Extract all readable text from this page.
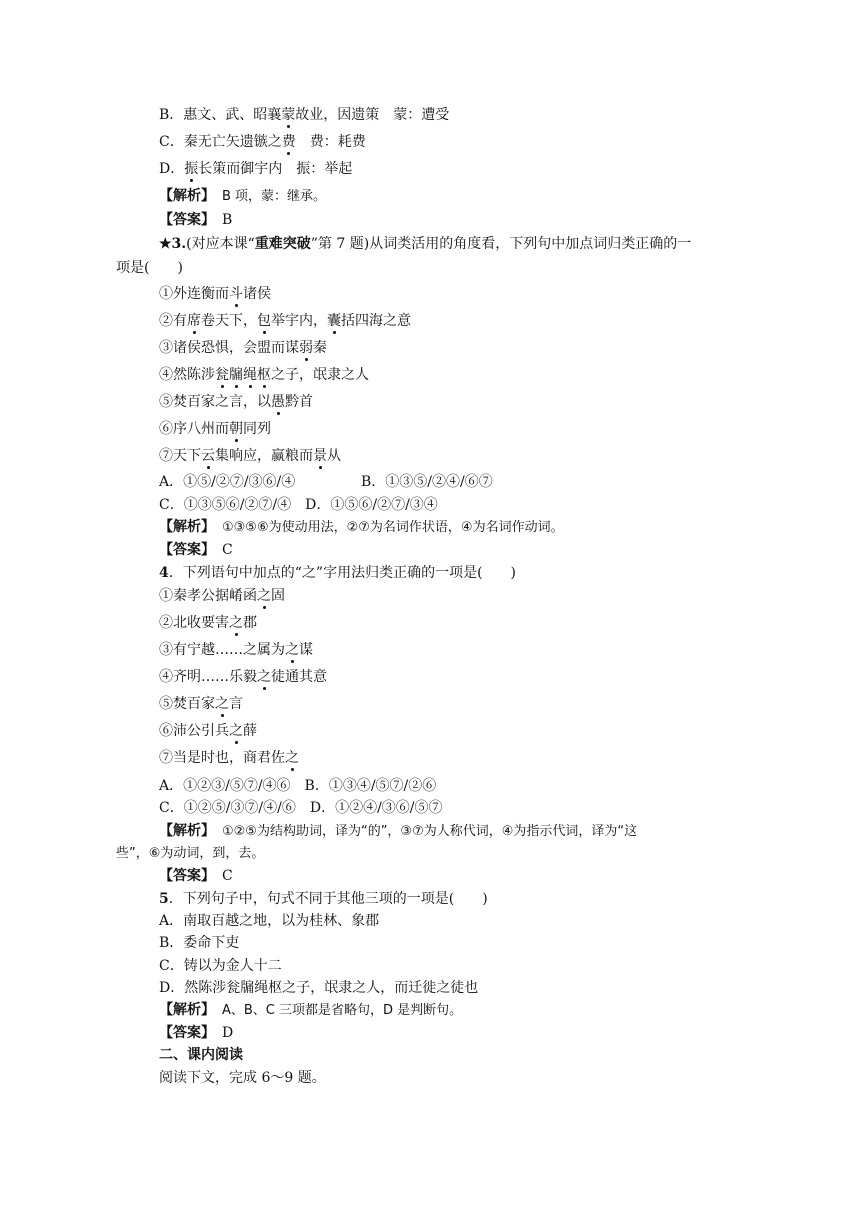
B．惠文、武、昭襄蒙故业，因遗策　蒙：遭受
C．秦无亡矢遗镞之费　费：耗费
D．振长策而御宇内　振：举起
【解析】　 B 项，蒙：继承。
【答案】　 B
★3.(对应本课“重难突破”第 7 题)从词类活用的角度看，下列句中加点词归类正确的一
项是(　　)
①外连衡而斗诸侯
②有席卷天下，包举宇内，囊括四海之意
③诸侯恐惧，会盟而谋弱秦
④然陈涉瓮牖绳枢之子，氓隶之人
⑤焚百家之言，以愚黔首
⑥序八州而朝同列
⑦天下云集响应，赢粮而景从
A．①⑤/②⑦/③⑥/④	B．①③⑤/②④/⑥⑦
C．①③⑤⑥/②⑦/④　D．①⑤⑥/②⑦/③④
【解析】　 ①③⑤⑥为使动用法，②⑦为名词作状语，④为名词作动词。
【答案】　 C
4．下列语句中加点的“之”字用法归类正确的一项是(　　)
①秦孝公据崤函之固
②北收要害之郡
③有宁越……之属为之谋
④齐明……乐毅之徒通其意
⑤焚百家之言
⑥沛公引兵之薛
⑦当是时也，商君佐之
A．①②③/⑤⑦/④⑥　B．①③④/⑤⑦/②⑥
C．①②⑤/③⑦/④/⑥　D．①②④/③⑥/⑤⑦
【解析】　 ①②⑤为结构助词，译为“的”，③⑦为人称代词，④为指示代词，译为“这
些”，⑥为动词，到，去。
【答案】　 C
5．下列句子中，句式不同于其他三项的一项是(　　)
A．南取百越之地，以为桂林、象郡
B．委命下吏
C．铸以为金人十二
D．然陈涉瓮牖绳枢之子，氓隶之人，而迁徙之徒也
【解析】　 A、B、C 三项都是省略句，D 是判断句。
【答案】　 D
二、课内阅读
阅读下文，完成 6～9 题。
